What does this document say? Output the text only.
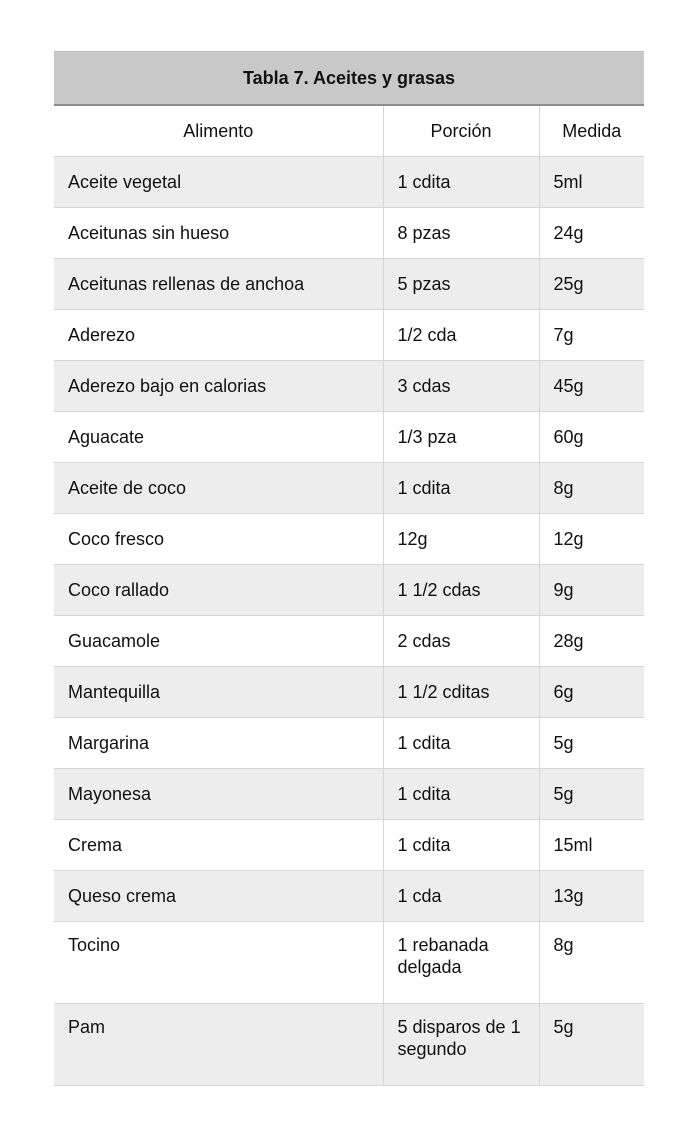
Tabla 7. Aceites y grasas		
Alimento	Porción	Medida
Aceite vegetal	1 cdita	5ml
Aceitunas sin hueso	8 pzas	24g
Aceitunas rellenas de anchoa	5 pzas	25g
Aderezo	1/2 cda	7g
Aderezo bajo en calorias	3 cdas	45g
Aguacate	1/3 pza	60g
Aceite de coco	1 cdita	8g
Coco fresco	12g	12g
Coco rallado	1 1/2 cdas	9g
Guacamole	2 cdas	28g
Mantequilla	1 1/2 cditas	6g
Margarina	1 cdita	5g
Mayonesa	1 cdita	5g
Crema	1 cdita	15ml
Queso crema	1 cda	13g
Tocino	1 rebanada delgada	8g
Pam	5 disparos de 1 segundo	5g
